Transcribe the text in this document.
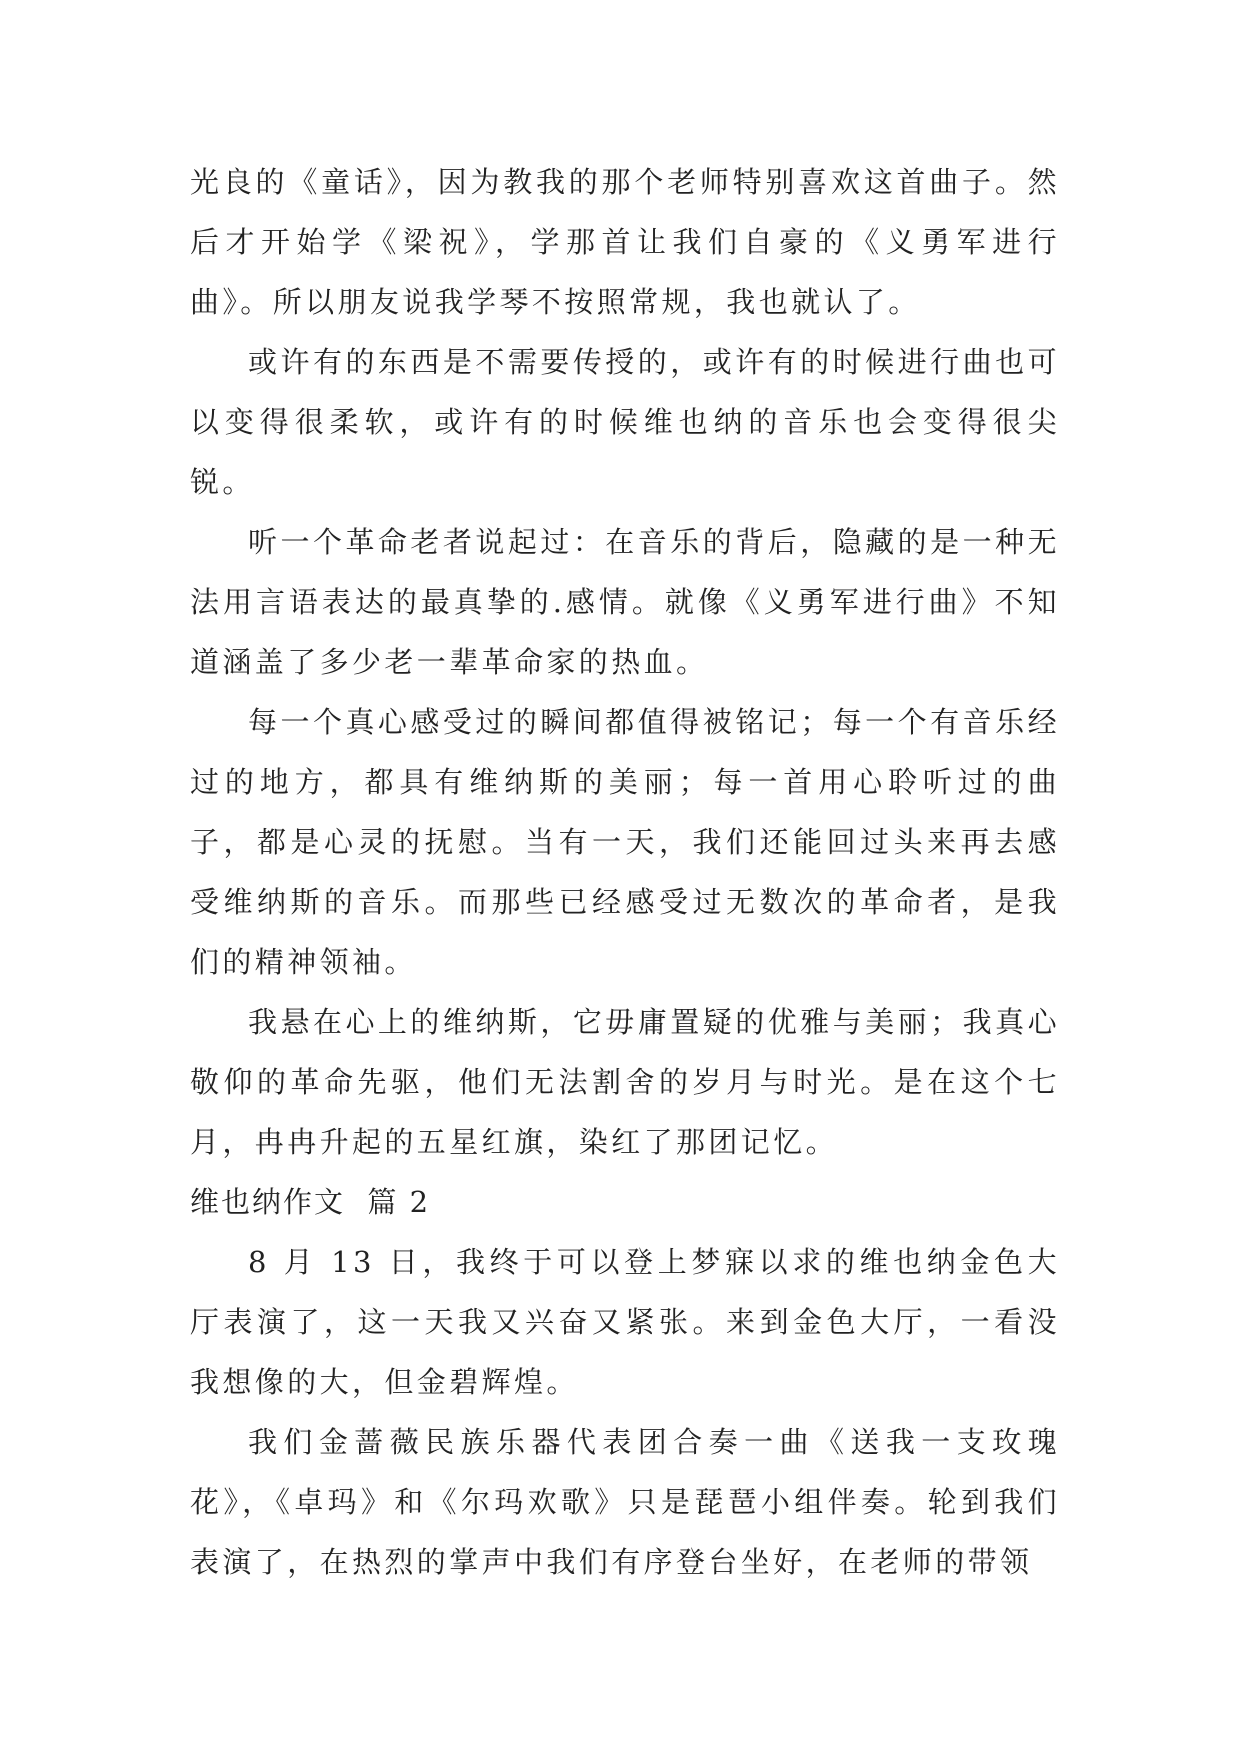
光良的《童话》，因为教我的那个老师特别喜欢这首曲子。然后才开始学《梁祝》，学那首让我们自豪的《义勇军进行曲》。所以朋友说我学琴不按照常规，我也就认了。

或许有的东西是不需要传授的，或许有的时候进行曲也可以变得很柔软，或许有的时候维也纳的音乐也会变得很尖锐。

听一个革命老者说起过：在音乐的背后，隐藏的是一种无法用言语表达的最真挚的.感情。就像《义勇军进行曲》不知道涵盖了多少老一辈革命家的热血。

每一个真心感受过的瞬间都值得被铭记；每一个有音乐经过的地方，都具有维纳斯的美丽；每一首用心聆听过的曲子，都是心灵的抚慰。当有一天，我们还能回过头来再去感受维纳斯的音乐。而那些已经感受过无数次的革命者，是我们的精神领袖。

我悬在心上的维纳斯，它毋庸置疑的优雅与美丽；我真心敬仰的革命先驱，他们无法割舍的岁月与时光。是在这个七月，冉冉升起的五星红旗，染红了那团记忆。

维也纳作文  篇 2

8 月 13 日，我终于可以登上梦寐以求的维也纳金色大厅表演了，这一天我又兴奋又紧张。来到金色大厅，一看没我想像的大，但金碧辉煌。

我们金蔷薇民族乐器代表团合奏一曲《送我一支玫瑰花》，《卓玛》和《尔玛欢歌》只是琵琶小组伴奏。轮到我们表演了，在热烈的掌声中我们有序登台坐好，在老师的带领
